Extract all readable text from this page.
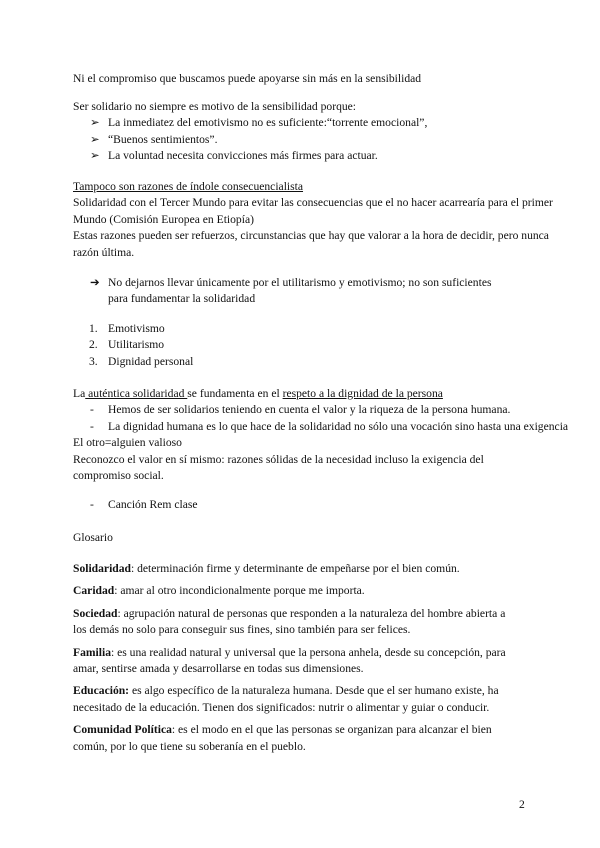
Ni el compromiso que buscamos puede apoyarse sin más en la sensibilidad

Ser solidario no siempre es motivo de la sensibilidad porque:

➢ La inmediatez del emotivismo no es suficiente:“torrente emocional”,

➢ “Buenos sentimientos”.

➢ La voluntad necesita convicciones más firmes para actuar.

Tampoco son razones de índole consecuencialista

Solidaridad con el Tercer Mundo para evitar las consecuencias que el no hacer acarrearía para el primer

Mundo (Comisión Europea en Etiopía)

Estas razones pueden ser refuerzos, circunstancias que hay que valorar a la hora de decidir, pero nunca

razón última.

➔ No dejarnos llevar únicamente por el utilitarismo y emotivismo; no son suficientes

para fundamentar la solidaridad

1. Emotivismo

2. Utilitarismo

3. Dignidad personal

La auténtica solidaridad se fundamenta en el respeto a la dignidad de la persona

- Hemos de ser solidarios teniendo en cuenta el valor y la riqueza de la persona humana.

- La dignidad humana es lo que hace de la solidaridad no sólo una vocación sino hasta una exigencia

El otro=alguien valioso

Reconozco el valor en sí mismo: razones sólidas de la necesidad incluso la exigencia del

compromiso social.

- Canción Rem clase

Glosario

Solidaridad: determinación firme y determinante de empeñarse por el bien común.

Caridad: amar al otro incondicionalmente porque me importa.

Sociedad: agrupación natural de personas que responden a la naturaleza del hombre abierta a
los demás no solo para conseguir sus fines, sino también para ser felices.

Familia: es una realidad natural y universal que la persona anhela, desde su concepción, para
amar, sentirse amada y desarrollarse en todas sus dimensiones.

Educación: es algo específico de la naturaleza humana. Desde que el ser humano existe, ha
necesitado de la educación. Tienen dos significados: nutrir o alimentar y guiar o conducir.

Comunidad Política: es el modo en el que las personas se organizan para alcanzar el bien
común, por lo que tiene su soberanía en el pueblo.

2
